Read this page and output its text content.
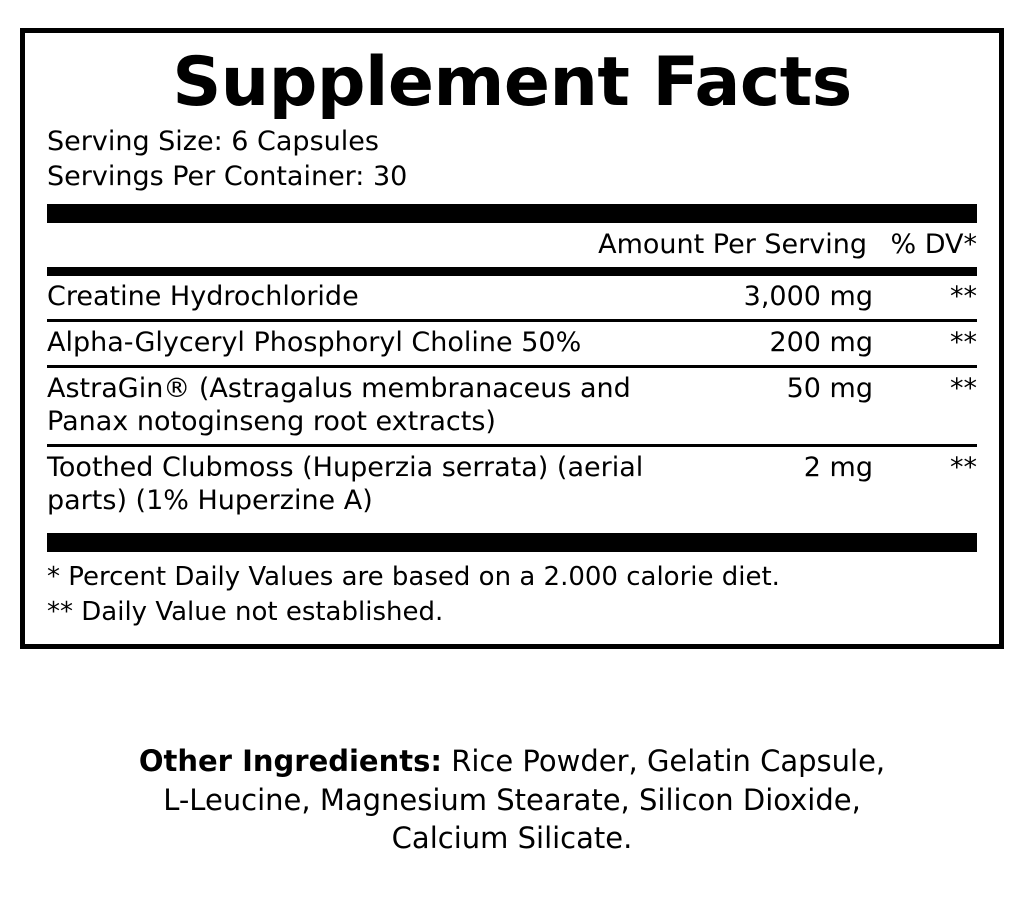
Supplement Facts
Serving Size: 6 Capsules
Servings Per Container: 30
Amount Per Serving % DV*
Creatine Hydrochloride	3,000 mg	**
Alpha-Glyceryl Phosphoryl Choline 50%	200 mg	**
AstraGin® (Astragalus membranaceus and Panax notoginseng root extracts)	50 mg	**
Toothed Clubmoss (Huperzia serrata) (aerial parts) (1% Huperzine A)	2 mg	**
* Percent Daily Values are based on a 2.000 calorie diet.
** Daily Value not established.
Other Ingredients: Rice Powder, Gelatin Capsule,
L-Leucine, Magnesium Stearate, Silicon Dioxide,
Calcium Silicate.
